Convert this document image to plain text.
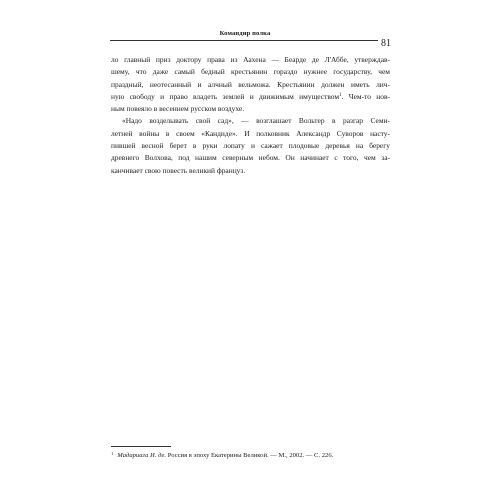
Командир полка
81
ло главный приз доктору права из Аахена — Беарде де Л'Аббе, утверждав-
шему, что даже самый бедный крестьянин гораздо нужнее государству, чем
праздный, неотесанный и алчный вельможа. Крестьянин должен иметь лич-
ную свободу и право владеть землей и движимым имуществом$^1$. Чем-то нов-
ным повеяло в весеннем русском воздухе.
«Надо возделывать свой сад», — возглашает Вольтер в разгар Семи-
летней войны в своем «Кандиде». И полковник Александр Суворов насту-
пившей весной берет в руки лопату и сажает плодовые деревья на берегу
древнего Волхова, под нашим северным небом. Он начинает с того, чем за-
канчивает свою повесть великий француз.
$^1$ Мадариага И. де. Россия в эпоху Екатерины Великой. — М., 2002. — С. 226.
